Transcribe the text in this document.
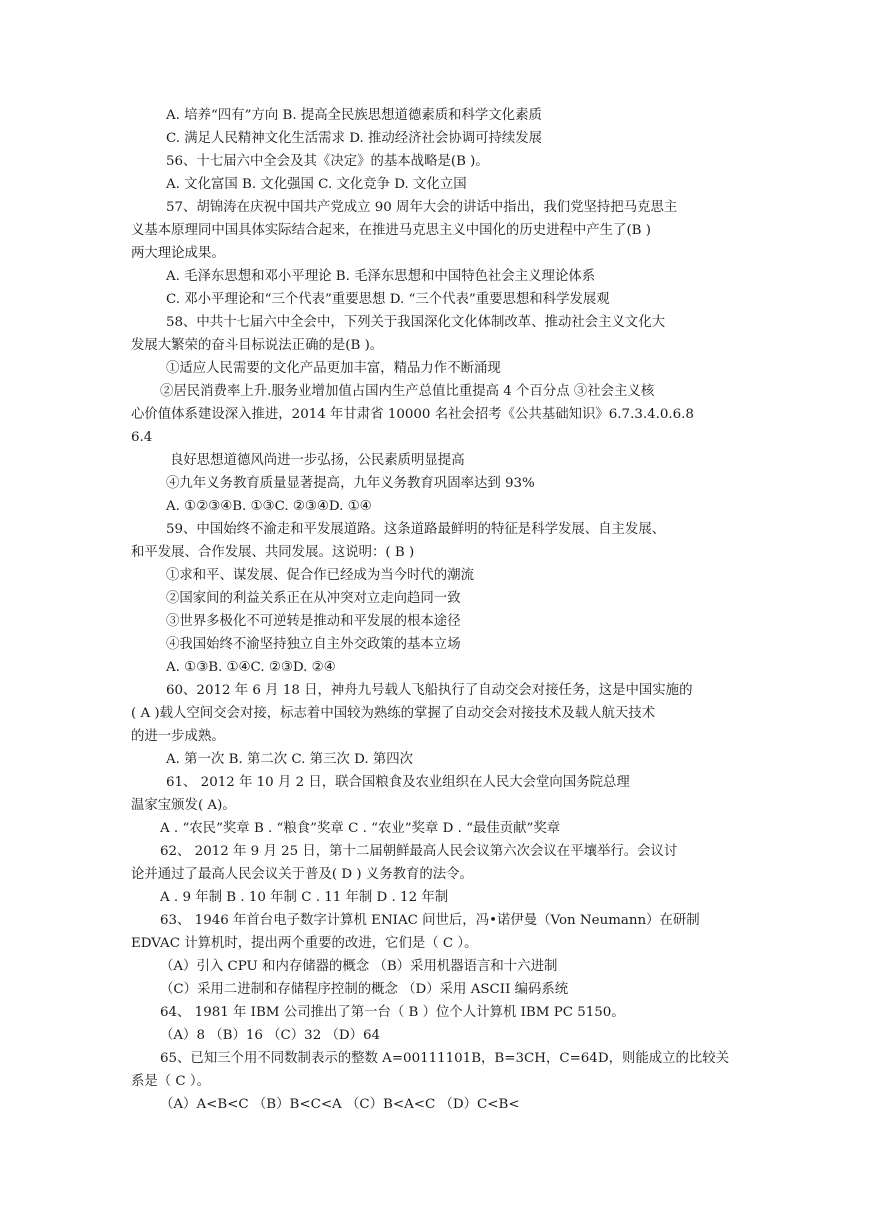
A. 培养“四有”方向 B. 提高全民族思想道德素质和科学文化素质
C. 满足人民精神文化生活需求 D. 推动经济社会协调可持续发展
56、十七届六中全会及其《决定》的基本战略是(B )。
A. 文化富国 B. 文化强国 C. 文化竞争 D. 文化立国
57、胡锦涛在庆祝中国共产党成立 90 周年大会的讲话中指出，我们党坚持把马克思主
义基本原理同中国具体实际结合起来，在推进马克思主义中国化的历史进程中产生了(B )
两大理论成果。
A. 毛泽东思想和邓小平理论 B. 毛泽东思想和中国特色社会主义理论体系
C. 邓小平理论和“三个代表”重要思想 D. “三个代表”重要思想和科学发展观
58、中共十七届六中全会中，下列关于我国深化文化体制改革、推动社会主义文化大
发展大繁荣的奋斗目标说法正确的是(B )。
①适应人民需要的文化产品更加丰富，精品力作不断涌现
②居民消费率上升.服务业增加值占国内生产总值比重提高 4 个百分点 ③社会主义核
心价值体系建设深入推进，2014 年甘肃省 10000 名社会招考《公共基础知识》6.7.3.4.0.6.8
6.4
良好思想道德风尚进一步弘扬，公民素质明显提高
④九年义务教育质量显著提高，九年义务教育巩固率达到 93%
A. ①②③④B. ①③C. ②③④D. ①④
59、中国始终不渝走和平发展道路。这条道路最鲜明的特征是科学发展、自主发展、
和平发展、合作发展、共同发展。这说明：( B )
①求和平、谋发展、促合作已经成为当今时代的潮流
②国家间的利益关系正在从冲突对立走向趋同一致
③世界多极化不可逆转是推动和平发展的根本途径
④我国始终不渝坚持独立自主外交政策的基本立场
A. ①③B. ①④C. ②③D. ②④
60、2012 年 6 月 18 日，神舟九号载人飞船执行了自动交会对接任务，这是中国实施的
( A )载人空间交会对接，标志着中国较为熟练的掌握了自动交会对接技术及载人航天技术
的进一步成熟。
A. 第一次 B. 第二次 C. 第三次 D. 第四次
61、 2012 年 10 月 2 日，联合国粮食及农业组织在人民大会堂向国务院总理
温家宝颁发( A)。
A . “农民”奖章 B . “粮食”奖章 C . “农业”奖章 D . “最佳贡献”奖章
62、 2012 年 9 月 25 日，第十二届朝鲜最高人民会议第六次会议在平壤举行。会议讨
论并通过了最高人民会议关于普及( D ) 义务教育的法令。
A . 9 年制 B . 10 年制 C . 11 年制 D . 12 年制
63、 1946 年首台电子数字计算机 ENIAC 问世后，冯•诺伊曼（Von Neumann）在研制
EDVAC 计算机时，提出两个重要的改进，它们是（ C ）。
（A）引入 CPU 和内存储器的概念 （B）采用机器语言和十六进制
（C）采用二进制和存储程序控制的概念 （D）采用 ASCII 编码系统
64、 1981 年 IBM 公司推出了第一台（ B ）位个人计算机 IBM PC 5150。
（A）8 （B）16 （C）32 （D）64
65、已知三个用不同数制表示的整数 A=00111101B，B=3CH，C=64D，则能成立的比较关
系是（ C ）。
（A）A<B<C （B）B<C<A （C）B<A<C （D）C<B<
